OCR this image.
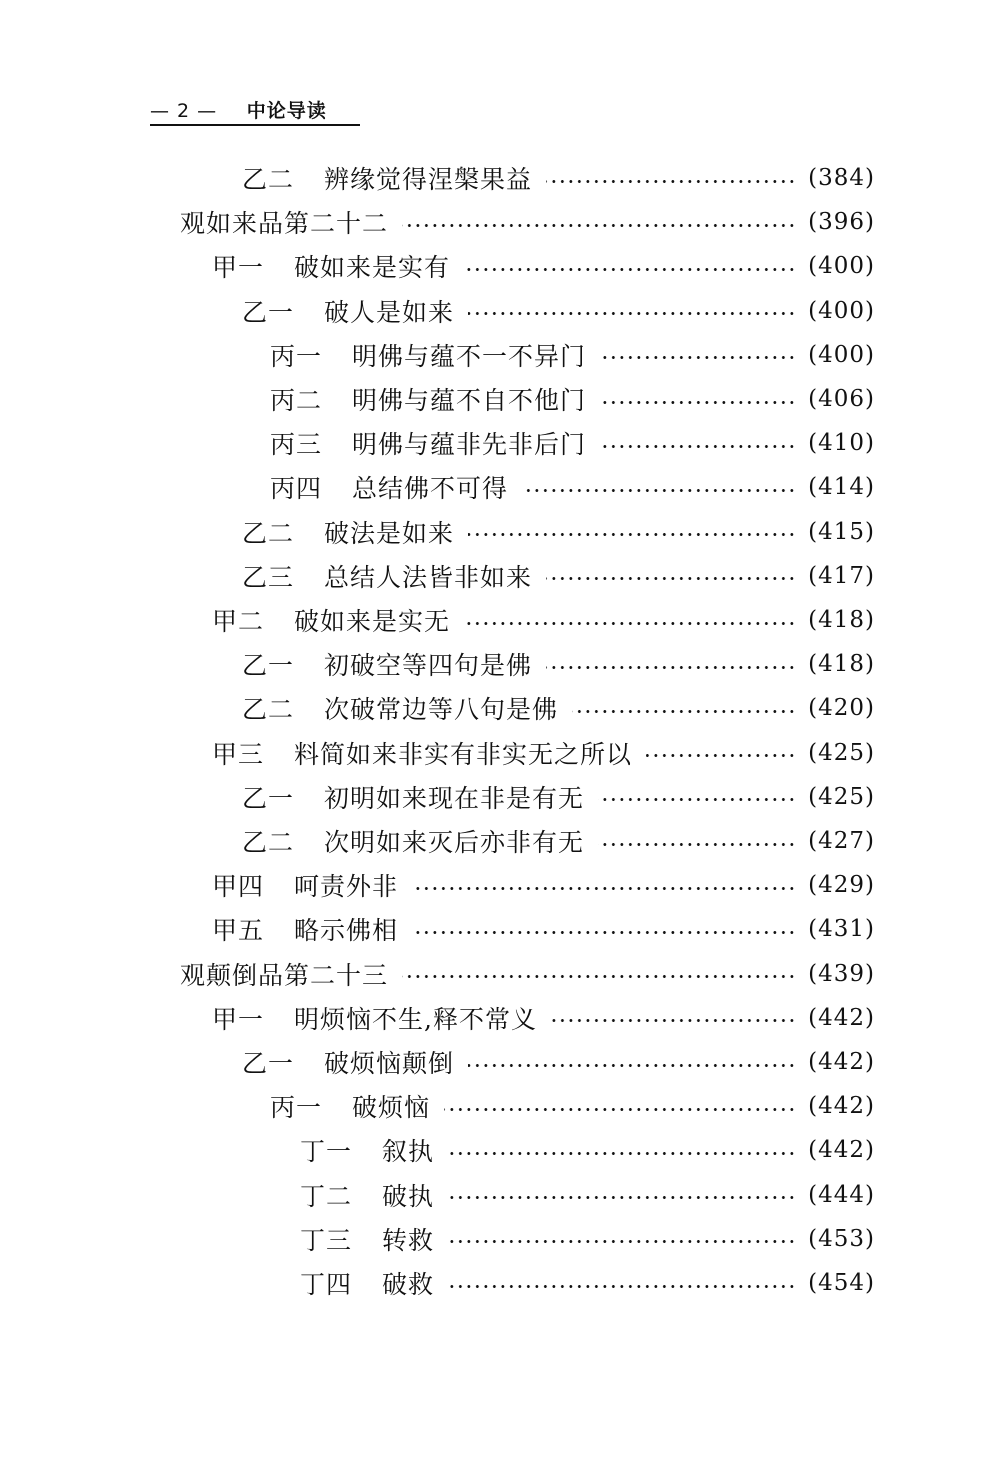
— 2 — 中论导读
乙二 辨缘觉得涅槃果益	(384)
观如来品第二十二	(396)
甲一 破如来是实有	(400)
乙一 破人是如来	(400)
丙一 明佛与蕴不一不异门	(400)
丙二 明佛与蕴不自不他门	(406)
丙三 明佛与蕴非先非后门	(410)
丙四 总结佛不可得	(414)
乙二 破法是如来	(415)
乙三 总结人法皆非如来	(417)
甲二 破如来是实无	(418)
乙一 初破空等四句是佛	(418)
乙二 次破常边等八句是佛	(420)
甲三 料简如来非实有非实无之所以	(425)
乙一 初明如来现在非是有无	(425)
乙二 次明如来灭后亦非有无	(427)
甲四 呵责外非	(429)
甲五 略示佛相	(431)
观颠倒品第二十三	(439)
甲一 明烦恼不生,释不常义	(442)
乙一 破烦恼颠倒	(442)
丙一 破烦恼	(442)
丁一 叙执	(442)
丁二 破执	(444)
丁三 转救	(453)
丁四 破救	(454)
